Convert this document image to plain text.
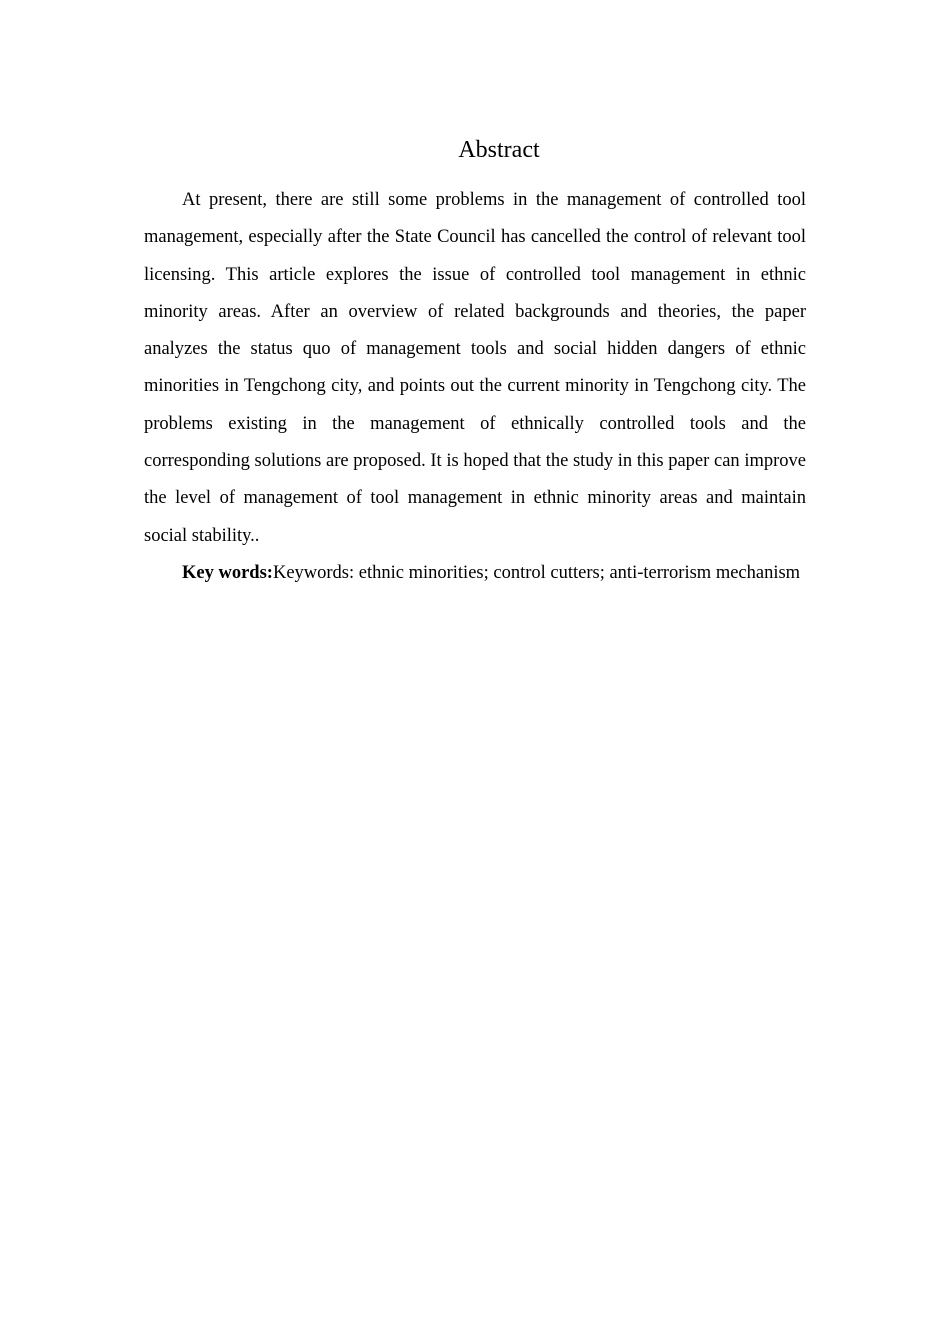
Abstract

At present, there are still some problems in the management of controlled tool management, especially after the State Council has cancelled the control of relevant tool licensing. This article explores the issue of controlled tool management in ethnic minority areas. After an overview of related backgrounds and theories, the paper analyzes the status quo of management tools and social hidden dangers of ethnic minorities in Tengchong city, and points out the current minority in Tengchong city. The problems existing in the management of ethnically controlled tools and the corresponding solutions are proposed. It is hoped that the study in this paper can improve the level of management of tool management in ethnic minority areas and maintain social stability..

Key words:Keywords: ethnic minorities; control cutters; anti-terrorism mechanism
